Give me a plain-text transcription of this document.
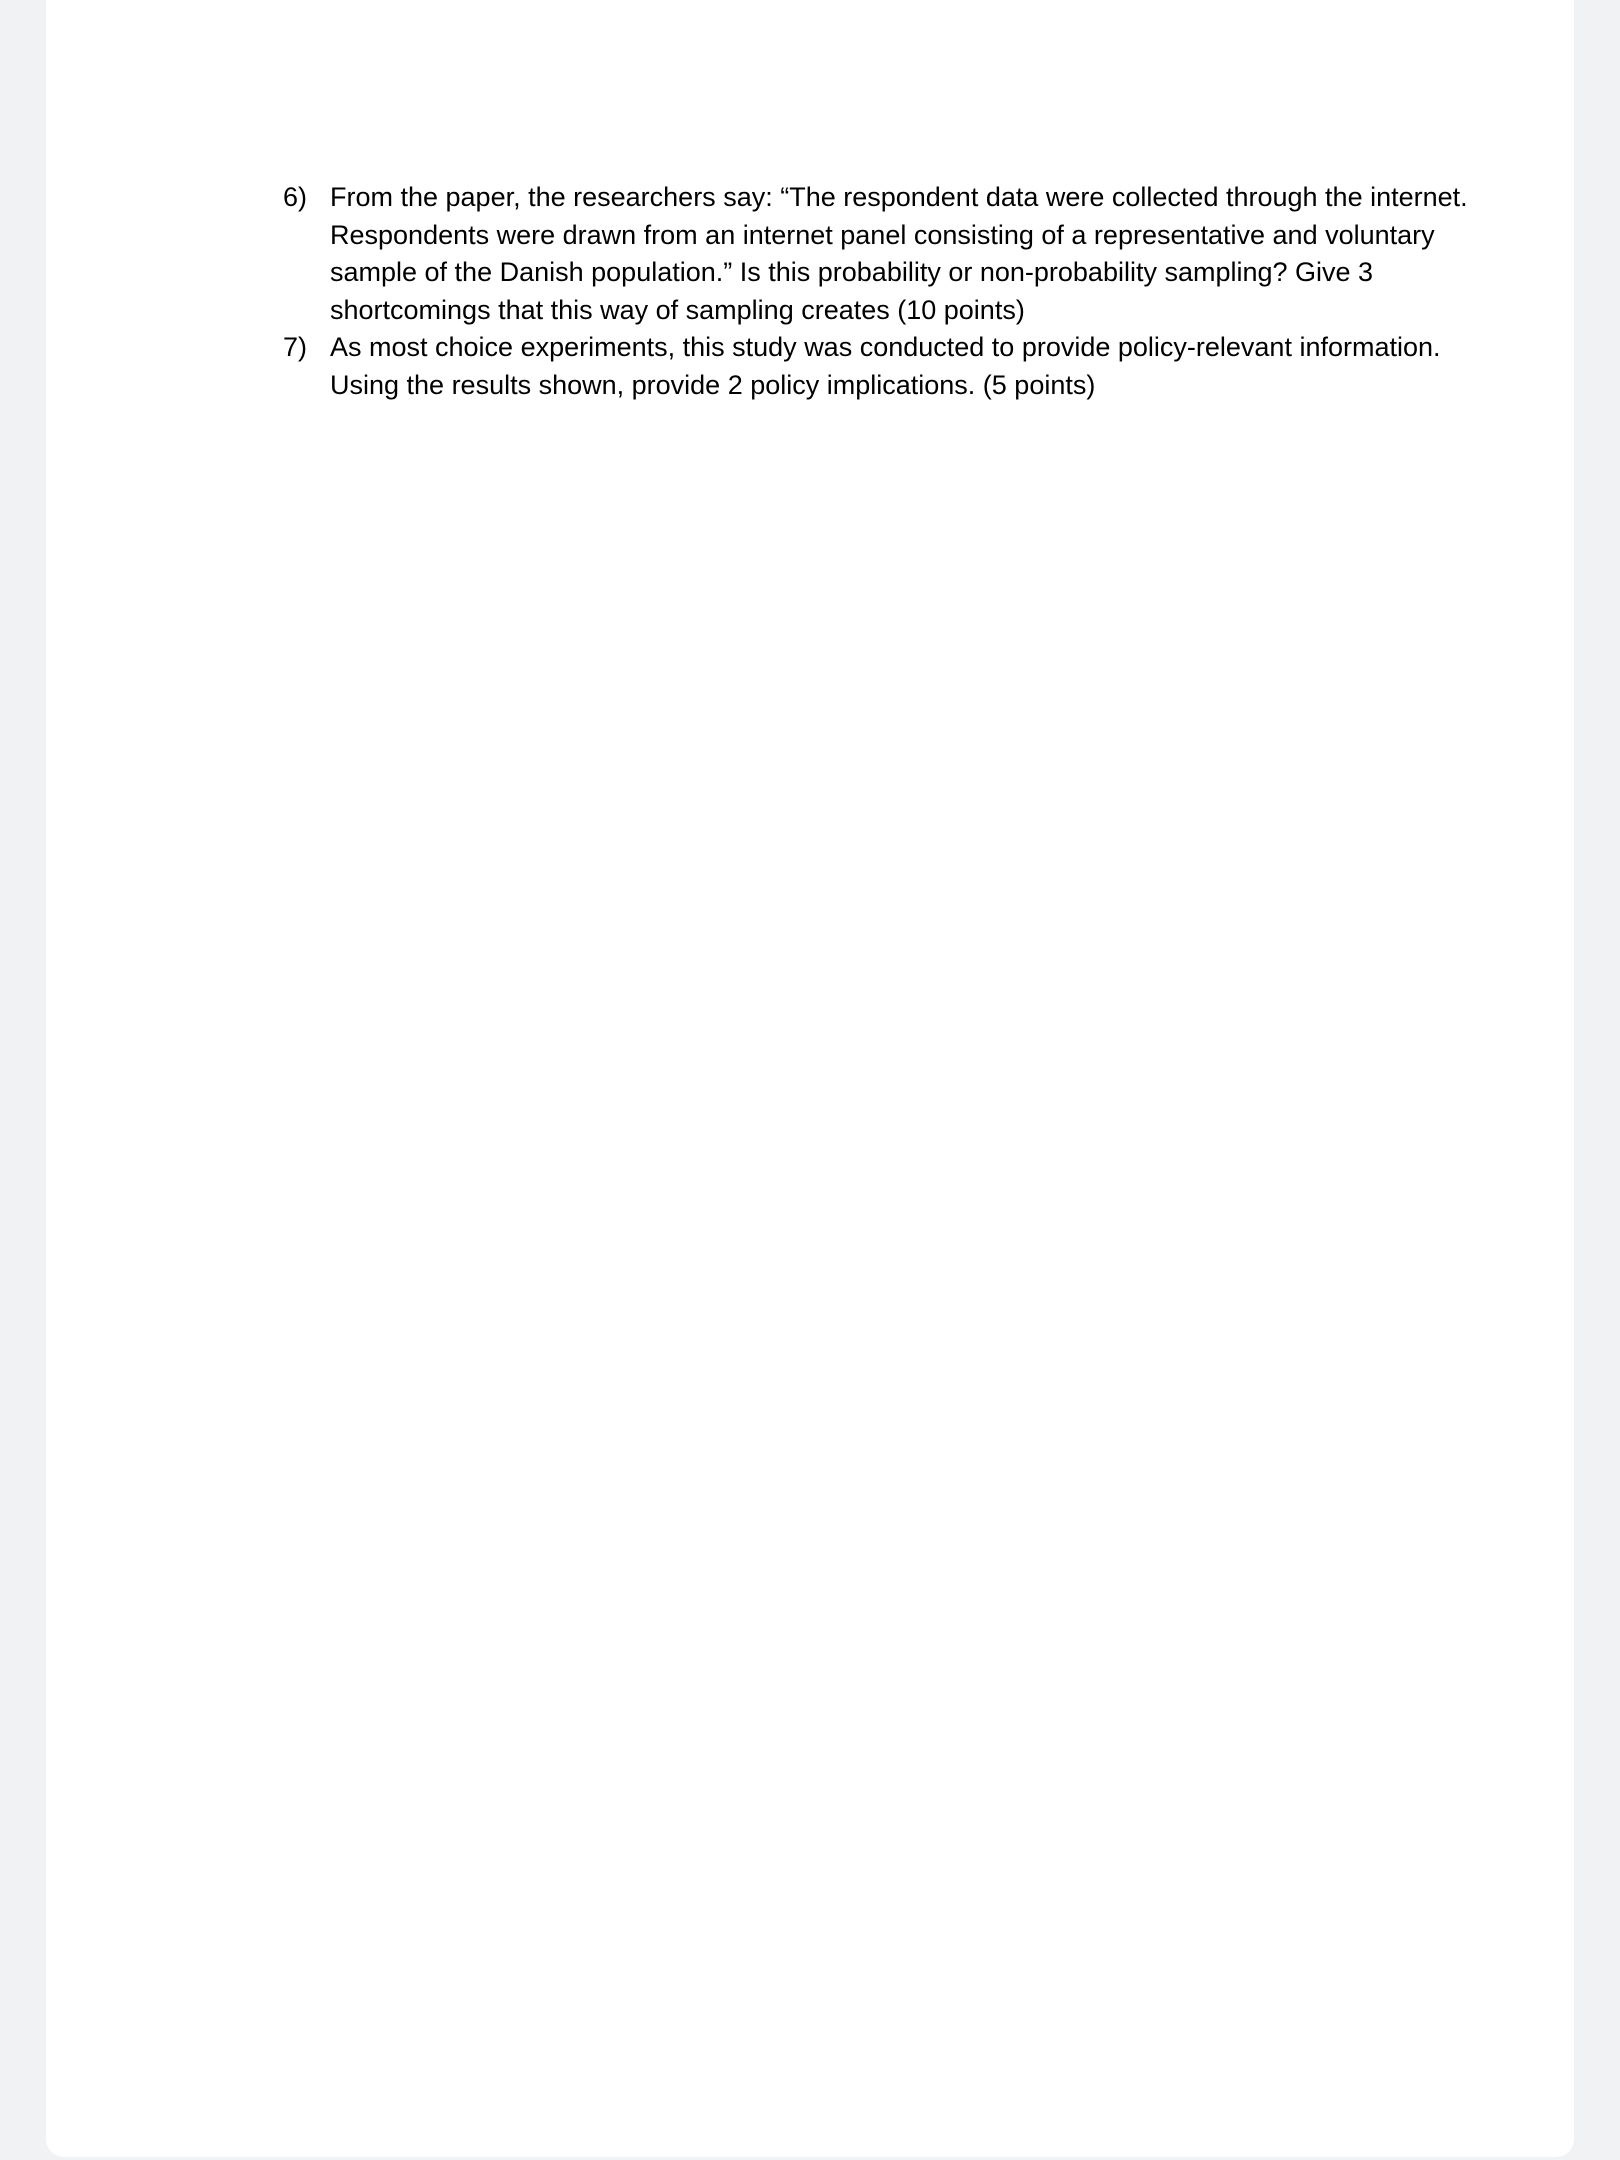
6) From the paper, the researchers say: “The respondent data were collected through the internet. Respondents were drawn from an internet panel consisting of a representative and voluntary sample of the Danish population.” Is this probability or non-probability sampling? Give 3 shortcomings that this way of sampling creates (10 points)

7) As most choice experiments, this study was conducted to provide policy-relevant information. Using the results shown, provide 2 policy implications. (5 points)
